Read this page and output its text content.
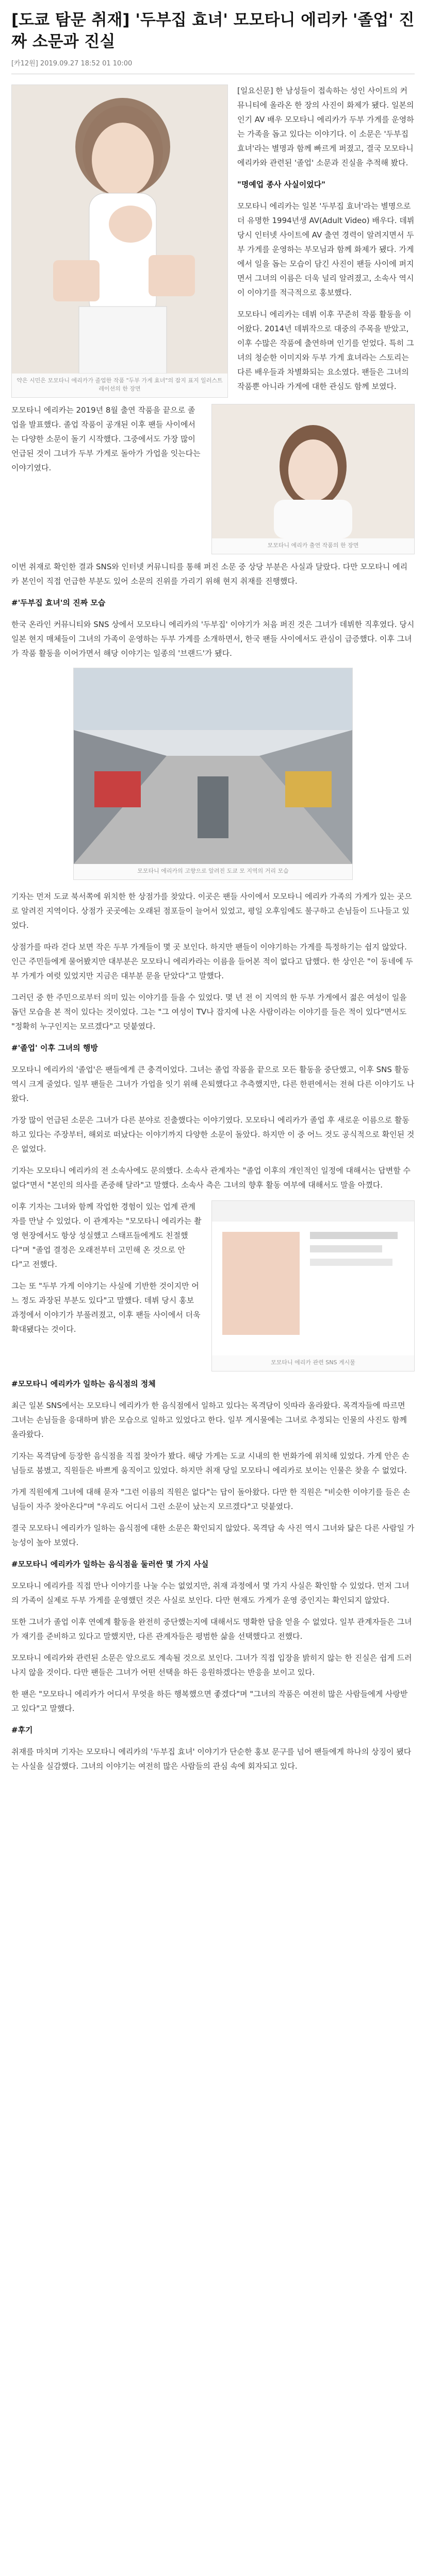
[도쿄 탐문 취재] '두부집 효녀' 모모타니 에리카 '졸업' 진짜 소문과 진실
[카12원] 2019.09.27 18:52 01 10:00
약은 시민은 모모타니 에리카가 졸업한 작품 "두부 가게 효녀"의 잡지 표지 일러스트레이션의 한 장면

[일요신문] 한 남성들이 접속하는 성인 사이트의 커뮤니티에 올라온 한 장의 사진이 화제가 됐다. 일본의 인기 AV 배우 모모타니 에리카가 두부 가게를 운영하는 가족을 돕고 있다는 이야기다. 이 소문은 '두부집 효녀'라는 별명과 함께 빠르게 퍼졌고, 결국 모모타니 에리카와 관련된 '졸업' 소문과 진실을 추적해 봤다.

"명예업 종사 사실이었다"

모모타니 에리카 출연 작품의 한 장면

모모타니 에리카는 일본 '두부집 효녀'라는 별명으로 더 유명한 1994년생 AV(Adult Video) 배우다. 데뷔 당시 인터넷 사이트에 AV 출연 경력이 알려지면서 두부 가게를 운영하는 부모님과 함께 화제가 됐다. 가게에서 일을 돕는 모습이 담긴 사진이 팬들 사이에 퍼지면서 그녀의 이름은 더욱 널리 알려졌고, 소속사 역시 이 이야기를 적극적으로 홍보했다.

모모타니 에리카는 데뷔 이후 꾸준히 작품 활동을 이어왔다. 2014년 데뷔작으로 대중의 주목을 받았고, 이후 수많은 작품에 출연하며 인기를 얻었다. 특히 그녀의 청순한 이미지와 두부 가게 효녀라는 스토리는 다른 배우들과 차별화되는 요소였다. 팬들은 그녀의 작품뿐 아니라 가게에 대한 관심도 함께 보였다.

모모타니 에리카는 2019년 8월 출연 작품을 끝으로 졸업을 발표했다. 졸업 작품이 공개된 이후 팬들 사이에서는 다양한 소문이 돌기 시작했다. 그중에서도 가장 많이 언급된 것이 그녀가 두부 가게로 돌아가 가업을 잇는다는 이야기였다.

이번 취재로 확인한 결과 SNS와 인터넷 커뮤니티를 통해 퍼진 소문 중 상당 부분은 사실과 달랐다. 다만 모모타니 에리카 본인이 직접 언급한 부분도 있어 소문의 진위를 가리기 위해 현지 취재를 진행했다.

#'두부집 효녀'의 진짜 모습

한국 온라인 커뮤니티와 SNS 상에서 모모타니 에리카의 '두부집' 이야기가 처음 퍼진 것은 그녀가 데뷔한 직후였다. 당시 일본 현지 매체들이 그녀의 가족이 운영하는 두부 가게를 소개하면서, 한국 팬들 사이에서도 관심이 급증했다. 이후 그녀가 작품 활동을 이어가면서 해당 이야기는 일종의 '브랜드'가 됐다.

모모타니 에리카의 고향으로 알려진 도쿄 모 지역의 거리 모습

기자는 먼저 도쿄 북서쪽에 위치한 한 상점가를 찾았다. 이곳은 팬들 사이에서 모모타니 에리카 가족의 가게가 있는 곳으로 알려진 지역이다. 상점가 곳곳에는 오래된 점포들이 늘어서 있었고, 평일 오후임에도 불구하고 손님들이 드나들고 있었다.

상점가를 따라 걷다 보면 작은 두부 가게들이 몇 곳 보인다. 하지만 팬들이 이야기하는 가게를 특정하기는 쉽지 않았다. 인근 주민들에게 물어봤지만 대부분은 모모타니 에리카라는 이름을 들어본 적이 없다고 답했다. 한 상인은 "이 동네에 두부 가게가 여럿 있었지만 지금은 대부분 문을 닫았다"고 말했다.

그러던 중 한 주민으로부터 의미 있는 이야기를 들을 수 있었다. 몇 년 전 이 지역의 한 두부 가게에서 젊은 여성이 일을 돕던 모습을 본 적이 있다는 것이었다. 그는 "그 여성이 TV나 잡지에 나온 사람이라는 이야기를 들은 적이 있다"면서도 "정확히 누구인지는 모르겠다"고 덧붙였다.

#'졸업' 이후 그녀의 행방

모모타니 에리카의 '졸업'은 팬들에게 큰 충격이었다. 그녀는 졸업 작품을 끝으로 모든 활동을 중단했고, 이후 SNS 활동 역시 크게 줄었다. 일부 팬들은 그녀가 가업을 잇기 위해 은퇴했다고 추측했지만, 다른 한편에서는 전혀 다른 이야기도 나왔다.

가장 많이 언급된 소문은 그녀가 다른 분야로 진출했다는 이야기였다. 모모타니 에리카가 졸업 후 새로운 이름으로 활동하고 있다는 주장부터, 해외로 떠났다는 이야기까지 다양한 소문이 돌았다. 하지만 이 중 어느 것도 공식적으로 확인된 것은 없었다.

기자는 모모타니 에리카의 전 소속사에도 문의했다. 소속사 관계자는 "졸업 이후의 개인적인 일정에 대해서는 답변할 수 없다"면서 "본인의 의사를 존중해 달라"고 말했다. 소속사 측은 그녀의 향후 활동 여부에 대해서도 말을 아꼈다.

모모타니 에리카 관련 SNS 게시물

이후 기자는 그녀와 함께 작업한 경험이 있는 업계 관계자를 만날 수 있었다. 이 관계자는 "모모타니 에리카는 촬영 현장에서도 항상 성실했고 스태프들에게도 친절했다"며 "졸업 결정은 오래전부터 고민해 온 것으로 안다"고 전했다.

그는 또 "두부 가게 이야기는 사실에 기반한 것이지만 어느 정도 과장된 부분도 있다"고 말했다. 데뷔 당시 홍보 과정에서 이야기가 부풀려졌고, 이후 팬들 사이에서 더욱 확대됐다는 것이다.

#모모타니 에리카가 일하는 음식점의 정체

최근 일본 SNS에서는 모모타니 에리카가 한 음식점에서 일하고 있다는 목격담이 잇따라 올라왔다. 목격자들에 따르면 그녀는 손님들을 응대하며 밝은 모습으로 일하고 있었다고 한다. 일부 게시물에는 그녀로 추정되는 인물의 사진도 함께 올라왔다.

기자는 목격담에 등장한 음식점을 직접 찾아가 봤다. 해당 가게는 도쿄 시내의 한 번화가에 위치해 있었다. 가게 안은 손님들로 붐볐고, 직원들은 바쁘게 움직이고 있었다. 하지만 취재 당일 모모타니 에리카로 보이는 인물은 찾을 수 없었다.

가게 직원에게 그녀에 대해 묻자 "그런 이름의 직원은 없다"는 답이 돌아왔다. 다만 한 직원은 "비슷한 이야기를 들은 손님들이 자주 찾아온다"며 "우리도 어디서 그런 소문이 났는지 모르겠다"고 덧붙였다.

결국 모모타니 에리카가 일하는 음식점에 대한 소문은 확인되지 않았다. 목격담 속 사진 역시 그녀와 닮은 다른 사람일 가능성이 높아 보였다.

#모모타니 에리카가 일하는 음식점을 둘러싼 몇 가지 사실

모모타니 에리카를 직접 만나 이야기를 나눌 수는 없었지만, 취재 과정에서 몇 가지 사실은 확인할 수 있었다. 먼저 그녀의 가족이 실제로 두부 가게를 운영했던 것은 사실로 보인다. 다만 현재도 가게가 운영 중인지는 확인되지 않았다.

또한 그녀가 졸업 이후 연예계 활동을 완전히 중단했는지에 대해서도 명확한 답을 얻을 수 없었다. 일부 관계자들은 그녀가 재기를 준비하고 있다고 말했지만, 다른 관계자들은 평범한 삶을 선택했다고 전했다.

모모타니 에리카와 관련된 소문은 앞으로도 계속될 것으로 보인다. 그녀가 직접 입장을 밝히지 않는 한 진실은 쉽게 드러나지 않을 것이다. 다만 팬들은 그녀가 어떤 선택을 하든 응원하겠다는 반응을 보이고 있다.

한 팬은 "모모타니 에리카가 어디서 무엇을 하든 행복했으면 좋겠다"며 "그녀의 작품은 여전히 많은 사람들에게 사랑받고 있다"고 말했다.

#후기

취재를 마치며 기자는 모모타니 에리카의 '두부집 효녀' 이야기가 단순한 홍보 문구를 넘어 팬들에게 하나의 상징이 됐다는 사실을 실감했다. 그녀의 이야기는 여전히 많은 사람들의 관심 속에 회자되고 있다.
